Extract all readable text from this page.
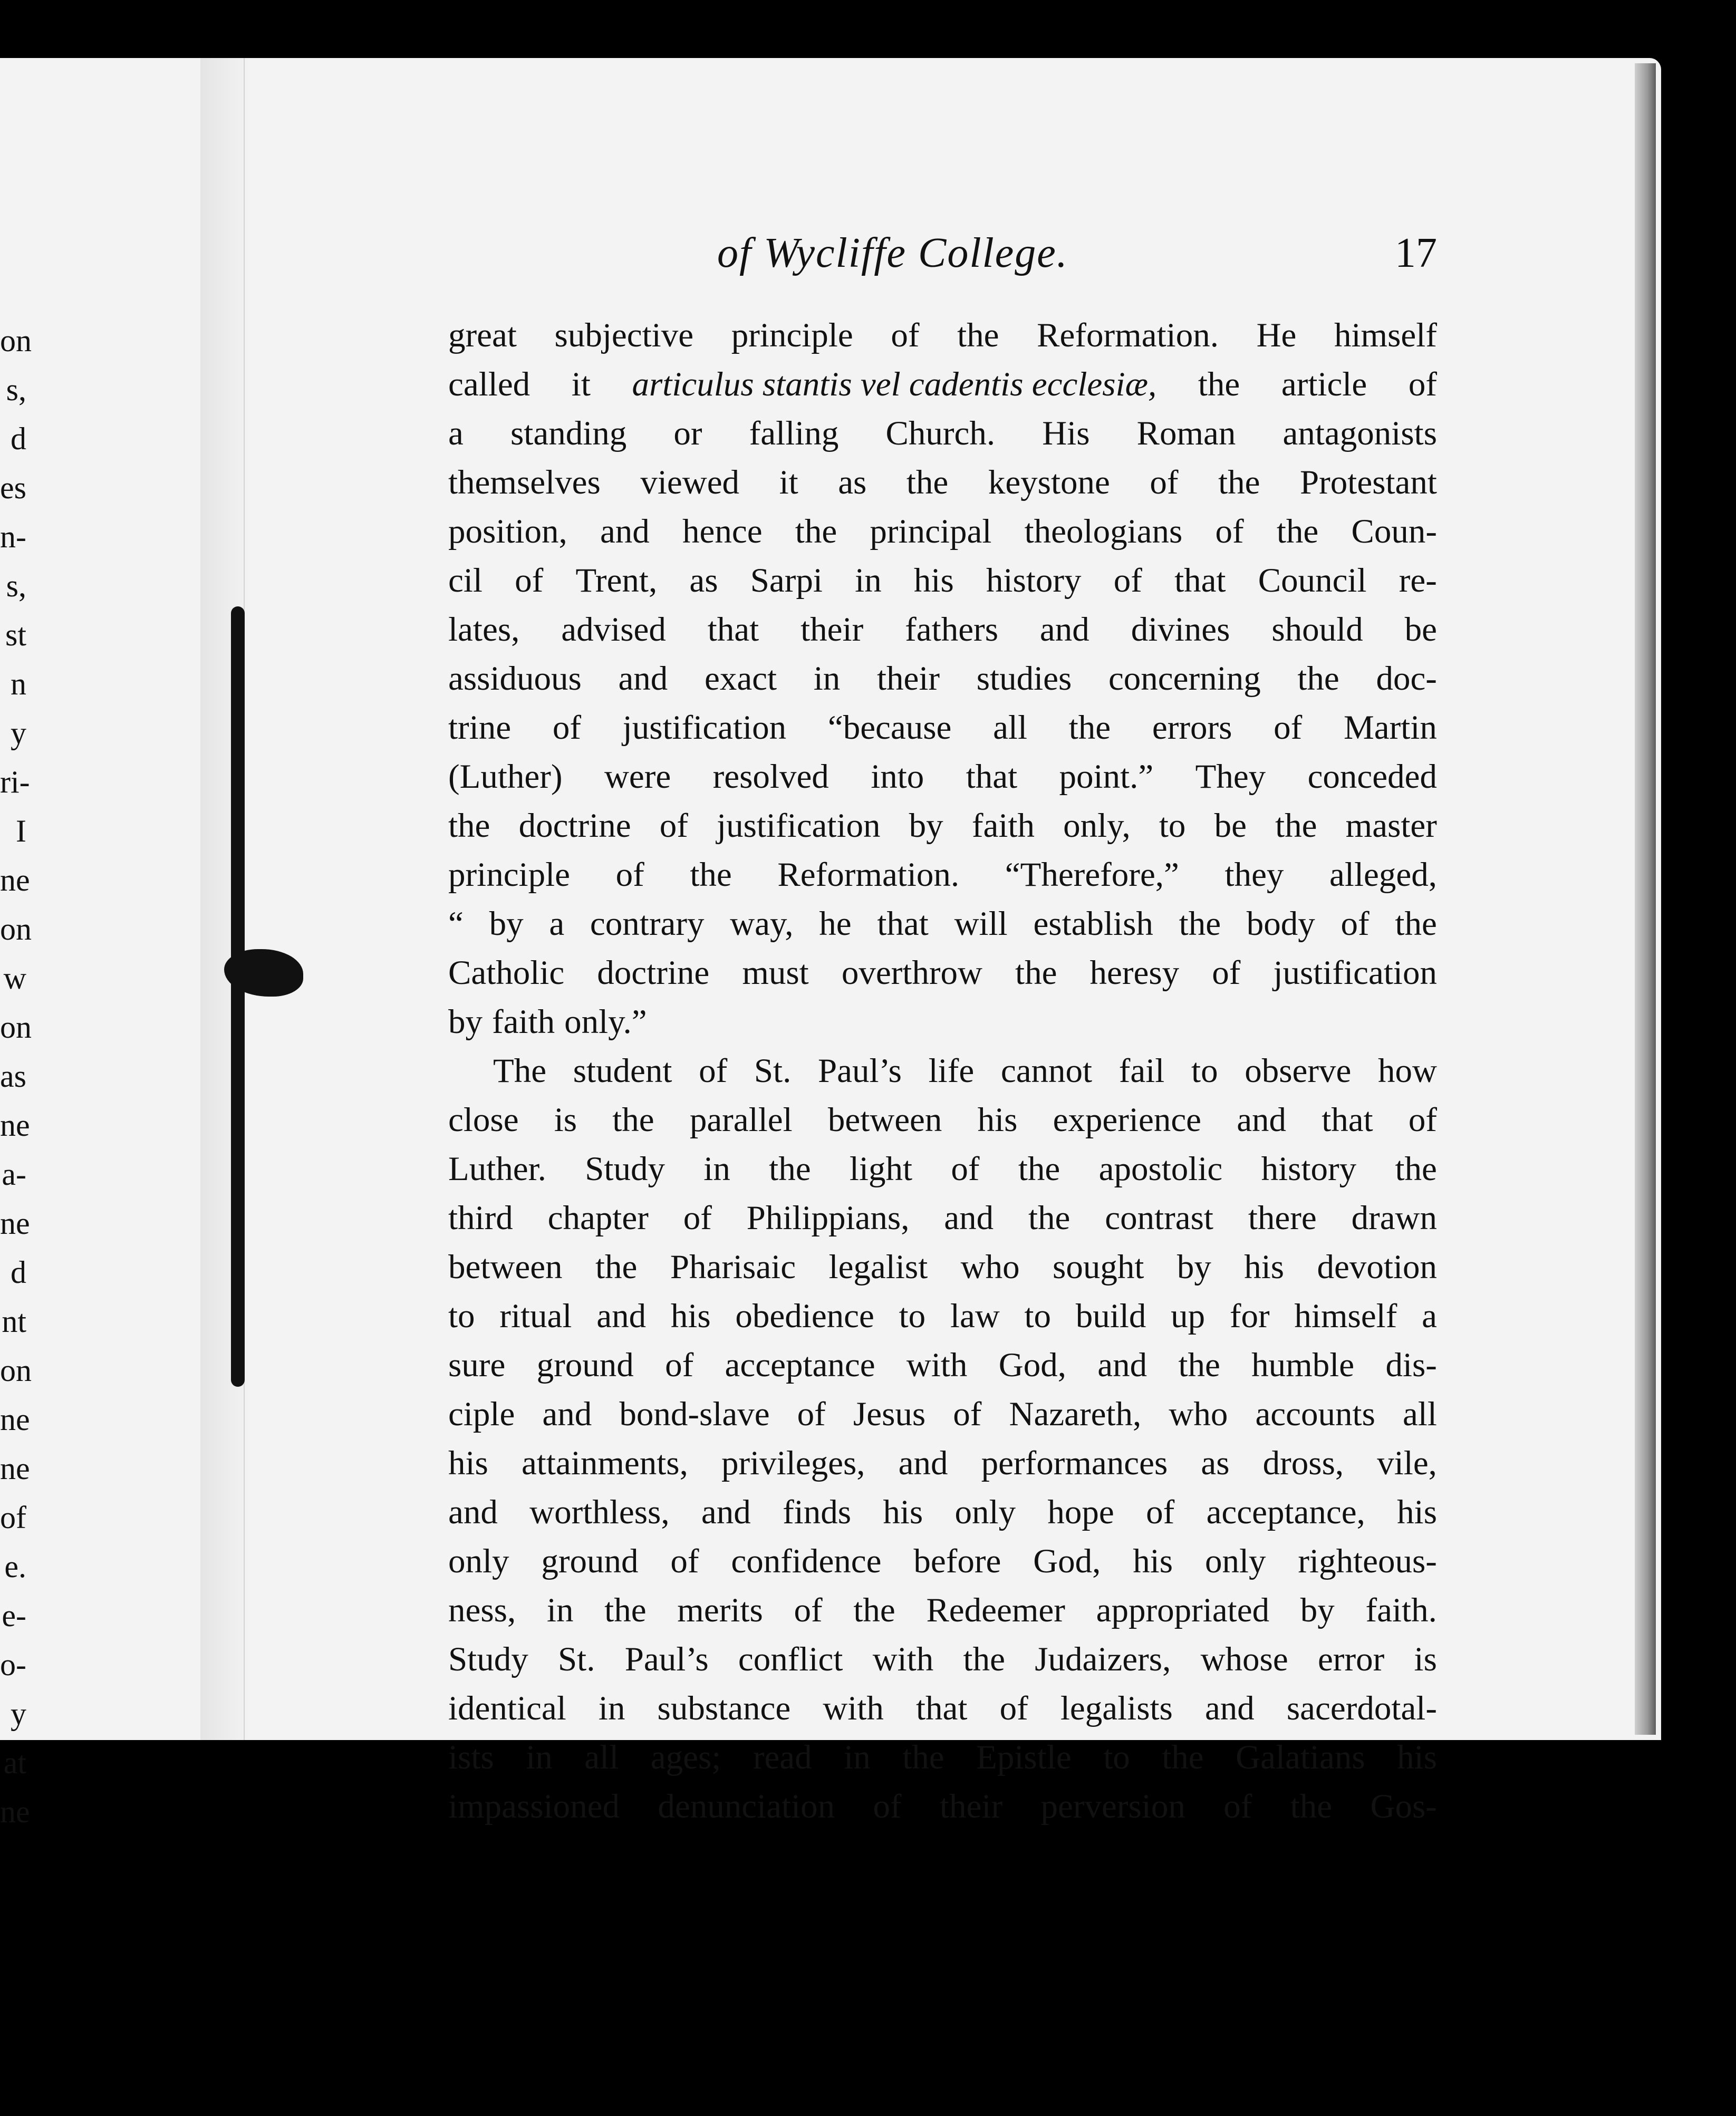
on
s,
d
es
n-
s,
st
n
y
ri-
I
ne
on
w
on
as
ne
a-
ne
d
nt
on
ne
ne
of
e.
e-
o-
y
at
ne
of Wycliffe College.	17
great subjective principle of the Reformation. He himself
called it articulus stantis vel cadentis ecclesiæ, the article of
a standing or falling Church. His Roman antagonists
themselves viewed it as the keystone of the Protestant
position, and hence the principal theologians of the Coun-
cil of Trent, as Sarpi in his history of that Council re-
lates, advised that their fathers and divines should be
assiduous and exact in their studies concerning the doc-
trine of justification “because all the errors of Martin
(Luther) were resolved into that point.” They conceded
the doctrine of justification by faith only, to be the master
principle of the Reformation. “Therefore,” they alleged,
“ by a contrary way, he that will establish the body of the
Catholic doctrine must overthrow the heresy of justification
by faith only.”
The student of St. Paul’s life cannot fail to observe how
close is the parallel between his experience and that of
Luther. Study in the light of the apostolic history the
third chapter of Philippians, and the contrast there drawn
between the Pharisaic legalist who sought by his devotion
to ritual and his obedience to law to build up for himself a
sure ground of acceptance with God, and the humble dis-
ciple and bond-slave of Jesus of Nazareth, who accounts all
his attainments, privileges, and performances as dross, vile,
and worthless, and finds his only hope of acceptance, his
only ground of confidence before God, his only righteous-
ness, in the merits of the Redeemer appropriated by faith.
Study St. Paul’s conflict with the Judaizers, whose error is
identical in substance with that of legalists and sacerdotal-
ists in all ages; read in the Epistle to the Galatians his
impassioned denunciation of their perversion of the Gos-
